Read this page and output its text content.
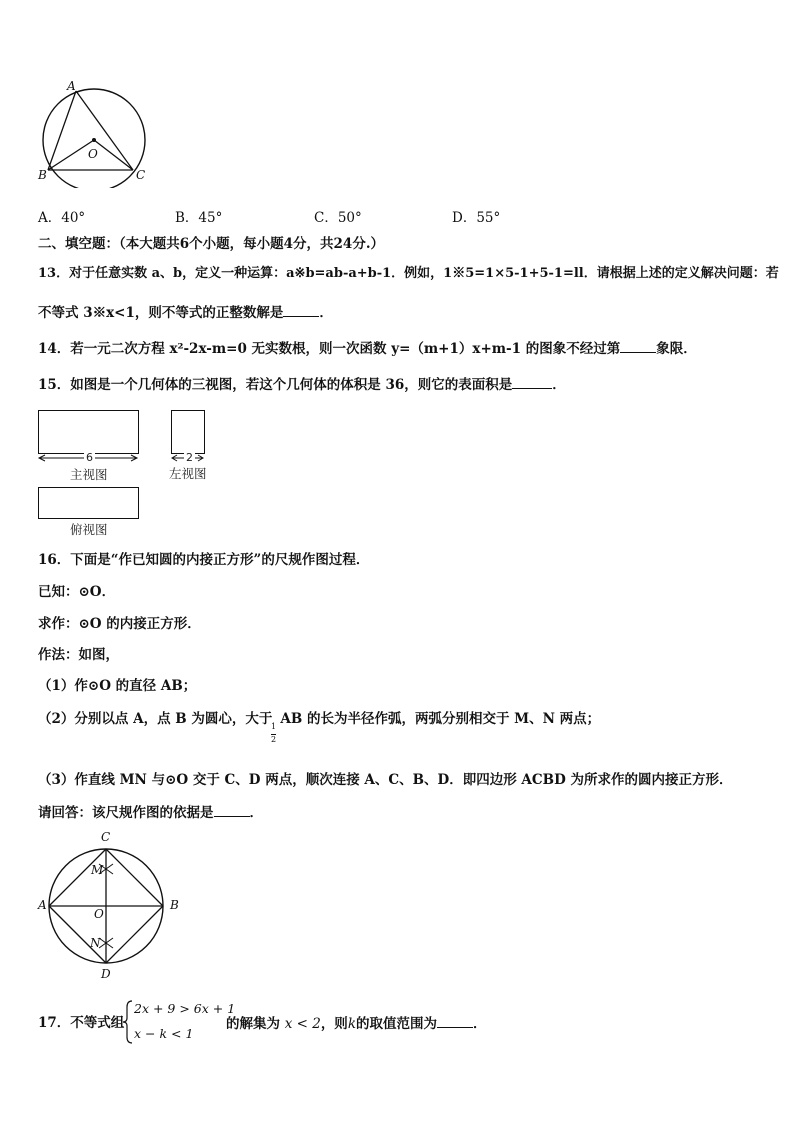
A
B	C
O
A．40°	B．45°	C．50°	D．55°
二、填空题：（本大题共6个小题，每小题4分，共24分.）
13．对于任意实数 a、b，定义一种运算：a※b=ab-a+b-1．例如，1※5=1×5-1+5-1=ll．请根据上述的定义解决问题：若
不等式 3※x<1，则不等式的正整数解是	．
14．若一元二次方程 x²-2x-m=0 无实数根，则一次函数 y=（m+1）x+m-1 的图象不经过第	象限．
15．如图是一个几何体的三视图，若这个几何体的体积是 36，则它的表面积是	．
6	2
主视图	左视图
俯视图
16．下面是“作已知圆的内接正方形”的尺规作图过程．
已知：⊙O．
求作：⊙O 的内接正方形．
作法：如图，
（1）作⊙O 的直径 AB；
（2）分别以点 A，点 B 为圆心，大于 AB 的长为半径作弧，两弧分别相交于 M、N 两点；
1
2
（3）作直线 MN 与⊙O 交于 C、D 两点，顺次连接 A、C、B、D．即四边形 ACBD 为所求作的圆内接正方形．
请回答：该尺规作图的依据是	．
C
M
A	B
O
N
D
17．不等式组
2x + 9 > 6x + 1
x − k < 1
的解集为 x < 2，则k的取值范围为	．
